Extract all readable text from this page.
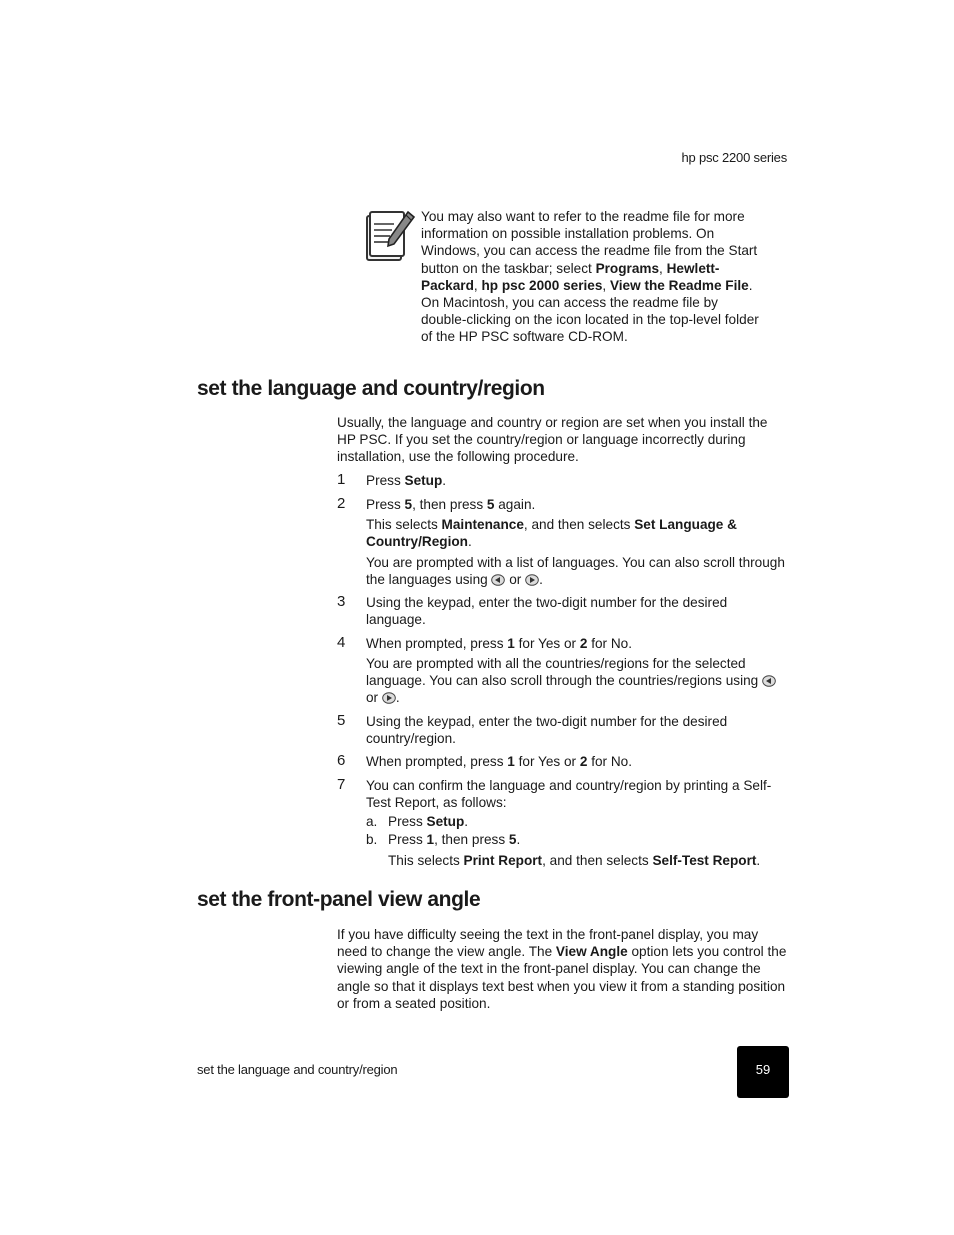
hp psc 2200 series
You may also want to refer to the readme file for more information on possible installation problems. On Windows, you can access the readme file from the Start button on the taskbar; select Programs, Hewlett-Packard, hp psc 2000 series, View the Readme File. On Macintosh, you can access the readme file by double-clicking on the icon located in the top-level folder of the HP PSC software CD-ROM.
set the language and country/region
Usually, the language and country or region are set when you install the HP PSC. If you set the country/region or language incorrectly during installation, use the following procedure.
1	Press Setup.
2	Press 5, then press 5 again.
This selects Maintenance, and then selects Set Language & Country/Region.
You are prompted with a list of languages. You can also scroll through the languages using  or .
3	Using the keypad, enter the two-digit number for the desired language.
4	When prompted, press 1 for Yes or 2 for No.
You are prompted with all the countries/regions for the selected language. You can also scroll through the countries/regions using  or .
5	Using the keypad, enter the two-digit number for the desired country/region.
6	When prompted, press 1 for Yes or 2 for No.
7	You can confirm the language and country/region by printing a Self-Test Report, as follows:
a. Press Setup.
b. Press 1, then press 5.
This selects Print Report, and then selects Self-Test Report.
set the front-panel view angle
If you have difficulty seeing the text in the front-panel display, you may need to change the view angle. The View Angle option lets you control the viewing angle of the text in the front-panel display. You can change the angle so that it displays text best when you view it from a standing position or from a seated position.
set the language and country/region	59
